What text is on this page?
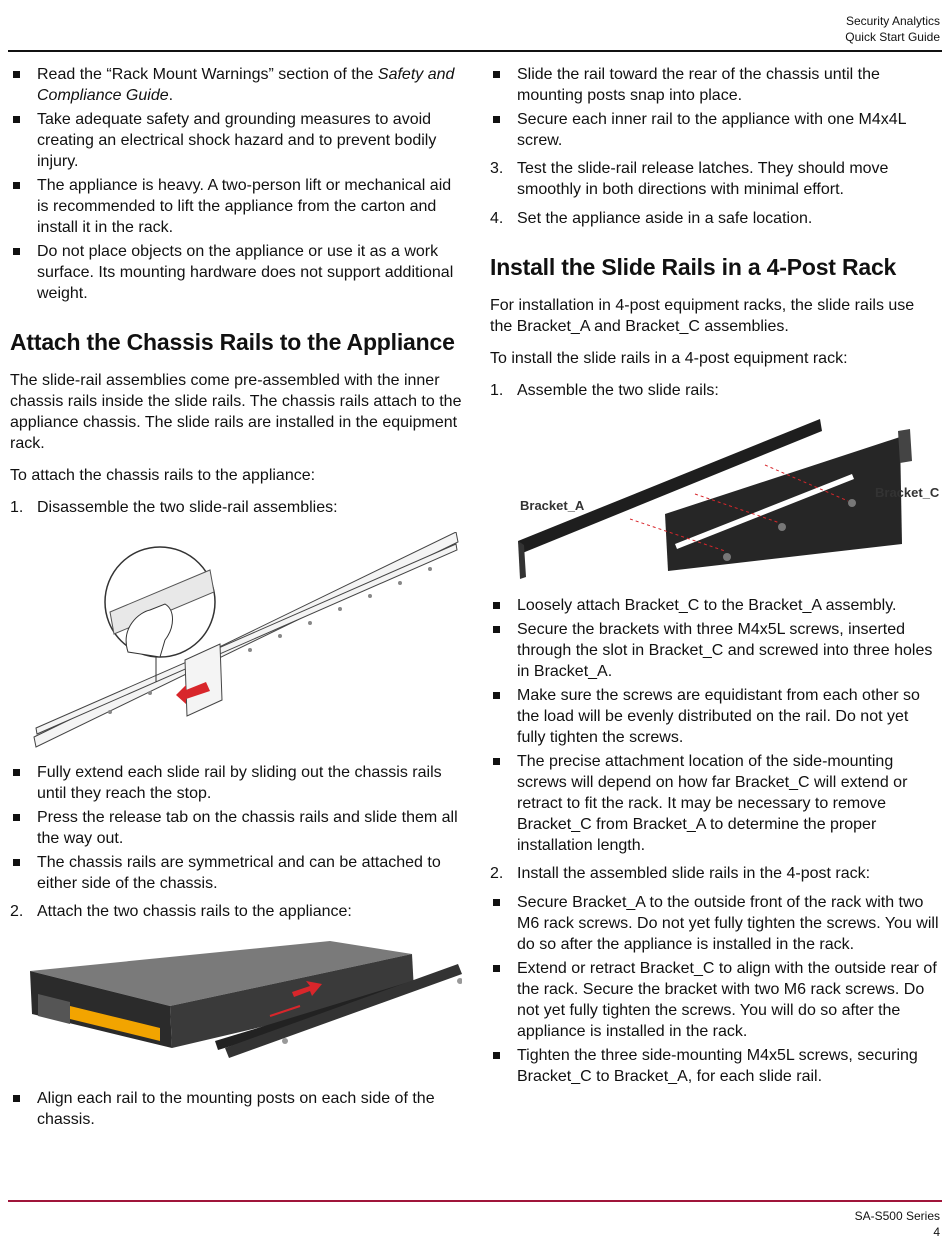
Security Analytics
Quick Start Guide
Read the “Rack Mount Warnings” section of the Safety and Compliance Guide.
Take adequate safety and grounding measures to avoid creating an electrical shock hazard and to prevent bodily injury.
The appliance is heavy. A two-person lift or mechanical aid is recommended to lift the appliance from the carton and install it in the rack.
Do not place objects on the appliance or use it as a work surface. Its mounting hardware does not support additional weight.
Attach the Chassis Rails to the Appliance

The slide-rail assemblies come pre-assembled with the inner chassis rails inside the slide rails. The chassis rails attach to the appliance chassis. The slide rails are installed in the equipment rack.

To attach the chassis rails to the appliance:

1. Disassemble the two slide-rail assemblies:
Fully extend each slide rail by sliding out the chassis rails until they reach the stop.
Press the release tab on the chassis rails and slide them all the way out.
The chassis rails are symmetrical and can be attached to either side of the chassis.
2. Attach the two chassis rails to the appliance:
Align each rail to the mounting posts on each side of the chassis.
Slide the rail toward the rear of the chassis until the mounting posts snap into place.
Secure each inner rail to the appliance with one M4x4L screw.
3. Test the slide-rail release latches. They should move smoothly in both directions with minimal effort.
4. Set the appliance aside in a safe location.
Install the Slide Rails in a 4-Post Rack

For installation in 4-post equipment racks, the slide rails use the Bracket_A and Bracket_C assemblies.

To install the slide rails in a 4-post equipment rack:

1. Assemble the two slide rails:
Bracket_A
Bracket_C
Loosely attach Bracket_C to the Bracket_A assembly.
Secure the brackets with three M4x5L screws, inserted through the slot in Bracket_C and screwed into three holes in Bracket_A.
Make sure the screws are equidistant from each other so the load will be evenly distributed on the rail. Do not yet fully tighten the screws.
The precise attachment location of the side-mounting screws will depend on how far Bracket_C will extend or retract to fit the rack. It may be necessary to remove Bracket_C from Bracket_A to determine the proper installation length.
2. Install the assembled slide rails in the 4-post rack:
Secure Bracket_A to the outside front of the rack with two M6 rack screws. Do not yet fully tighten the screws. You will do so after the appliance is installed in the rack.
Extend or retract Bracket_C to align with the outside rear of the rack. Secure the bracket with two M6 rack screws. Do not yet fully tighten the screws. You will do so after the appliance is installed in the rack.
Tighten the three side-mounting M4x5L screws, securing Bracket_C to Bracket_A, for each slide rail.
SA-S500 Series
4
